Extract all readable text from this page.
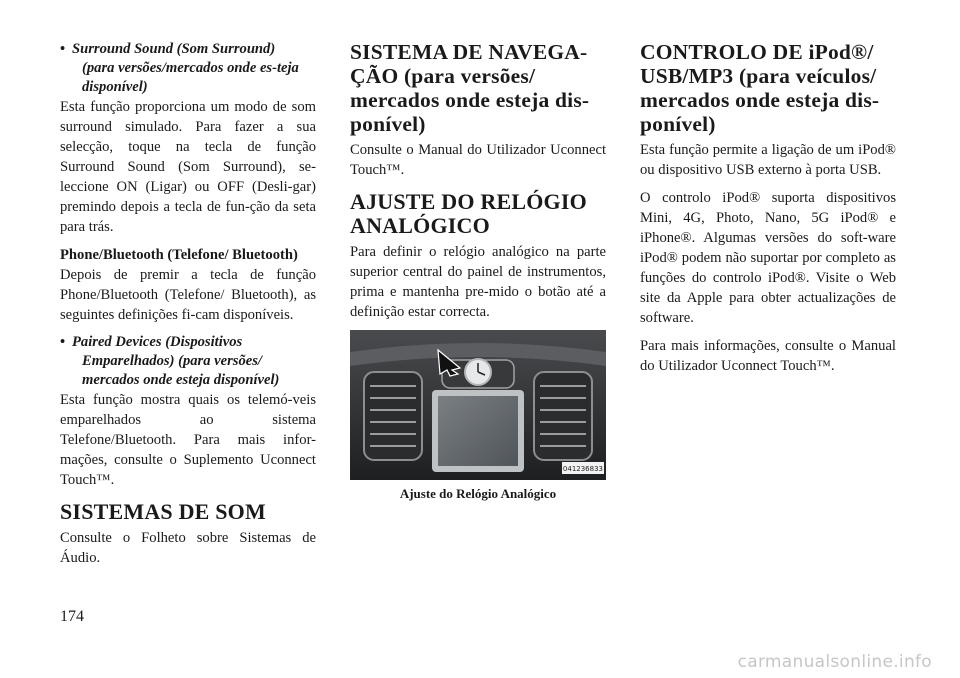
• Surround Sound (Som Surround)
(para versões/mercados onde es-teja disponível)

Esta função proporciona um modo de som surround simulado. Para fazer a sua selecção, toque na tecla de função Surround Sound (Som Surround), se-leccione ON (Ligar) ou OFF (Desli-gar) premindo depois a tecla de fun-ção da seta para trás.

Phone/Bluetooth (Telefone/ Bluetooth)

Depois de premir a tecla de função Phone/Bluetooth (Telefone/ Bluetooth), as seguintes definições fi-cam disponíveis.

• Paired Devices (Dispositivos
Emparelhados) (para versões/ mercados onde esteja disponível)

Esta função mostra quais os telemó-veis emparelhados ao sistema Telefone/Bluetooth. Para mais infor-mações, consulte o Suplemento Uconnect Touch™.

SISTEMAS DE SOM

Consulte o Folheto sobre Sistemas de Áudio.

SISTEMA DE NAVEGA-ÇÃO (para versões/ mercados onde esteja dis-ponível)

Consulte o Manual do Utilizador Uconnect Touch™.

AJUSTE DO RELÓGIO ANALÓGICO

Para definir o relógio analógico na parte superior central do painel de instrumentos, prima e mantenha pre-mido o botão até a definição estar correcta.

041236833
Ajuste do Relógio Analógico
CONTROLO DE iPod®/ USB/MP3 (para veículos/ mercados onde esteja dis-ponível)

Esta função permite a ligação de um iPod® ou dispositivo USB externo à porta USB.

O controlo iPod® suporta dispositivos Mini, 4G, Photo, Nano, 5G iPod® e iPhone®. Algumas versões do soft-ware iPod® podem não suportar por completo as funções do controlo iPod®. Visite o Web site da Apple para obter actualizações de software.

Para mais informações, consulte o Manual do Utilizador Uconnect Touch™.

174
carmanualsonline.info
